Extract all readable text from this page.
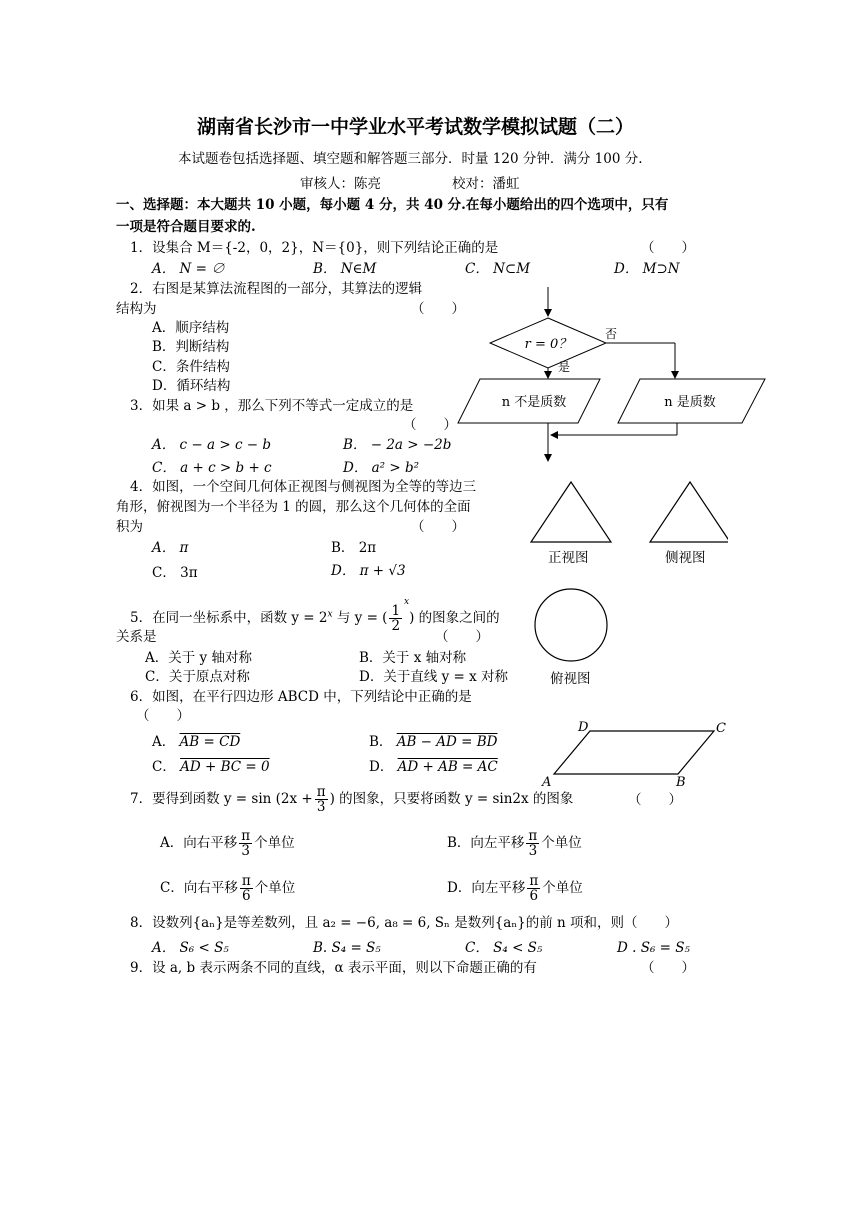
湖南省长沙市一中学业水平考试数学模拟试题（二）
本试题卷包括选择题、填空题和解答题三部分．时量 120 分钟．满分 100 分.
审核人：陈亮	校对：潘虹
一、选择题：本大题共 10 小题，每小题 4 分，共 40 分.在每小题给出的四个选项中，只有
一项是符合题目要求的.
1．设集合 M＝{-2，0，2}，N＝{0}，则下列结论正确的是	（　　）
A． N = ∅	B． N∈M	C． N⊂M	D． M⊃N
2．右图是某算法流程图的一部分，其算法的逻辑
结构为	（　　）
A．顺序结构
B．判断结构
C．条件结构
D．循环结构
r = 0？
否
是
n 不是质数	n 是质数
3．如果 a > b ，那么下列不等式一定成立的是
（　　）
A． c − a > c − b	B． − 2a > −2b
C． a + c > b + c	D． a² > b²
4．如图，一个空间几何体正视图与侧视图为全等的等边三
角形，俯视图为一个半径为 1 的圆，那么这个几何体的全面
积为	（　　）
A． π	B． 2π
C． 3π	D． π + √3
正视图	侧视图
俯视图
5．在同一坐标系中，函数 $y = 2^x$ 与 y = ( $\frac{1}{2}$
$^x$) 的图象之间的
关系是	（　　）
A．关于 y 轴对称	B．关于 x 轴对称
C．关于原点对称	D．关于直线 y = x 对称
6．如图，在平行四边形 ABCD 中，下列结论中正确的是
（　　）
A． AB = CD	B． AB − AD = BD
C． AD + BC = 0	D． AD + AB = AC
D	C
A	B
7．要得到函数 $y = \sin (2x + \frac{\pi}{3}$ ) 的图象，只要将函数 y = sin2x 的图象	（　　）
A．向右平移 $\frac{\pi}{3}$ 个单位	B．向左平移 $\frac{\pi}{3}$ 个单位
C．向右平移 $\frac{\pi}{6}$ 个单位	D．向左平移 $\frac{\pi}{6}$ 个单位
8．设数列{aₙ}是等差数列，且 a₂ = −6, a₈ = 6, Sₙ 是数列{aₙ}的前 n 项和，则（　　）
A． S₆ < S₅	B. S₄ = S₅	C． S₄ < S₅	D . S₆ = S₅
9．设 a, b 表示两条不同的直线，α 表示平面，则以下命题正确的有	（　　）
